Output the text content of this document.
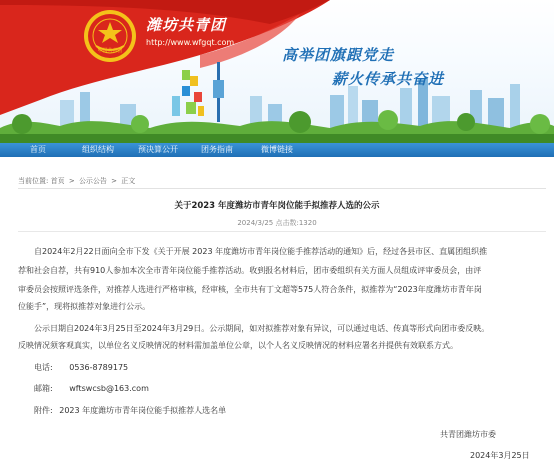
中国共青团
潍坊共青团
http://www.wfgqt.com
高举团旗跟党走
薪火传承共奋进
首页	组织结构	预决算公开	团务指南	微博链接
当前位置: 首页 > 公示公告 > 正文
关于2023 年度潍坊市青年岗位能手拟推荐人选的公示
2024/3/25 点击数:1320
自2024年2月22日面向全市下发《关于开展 2023 年度潍坊市青年岗位能手推荐活动的通知》后，经过各县市区、直属团组织推
荐和社会自荐，共有910人参加本次全市青年岗位能手推荐活动。收到报名材料后，团市委组织有关方面人员组成评审委员会，由评
审委员会按照评选条件，对推荐人选进行严格审核，经审核，全市共有丁文超等575人符合条件，拟推荐为“2023年度潍坊市青年岗
位能手”，现将拟推荐对象进行公示。
公示日期自2024年3月25日至2024年3月29日。公示期间，如对拟推荐对象有异议，可以通过电话、传真等形式向团市委反映。
反映情况须客观真实，以单位名义反映情况的材料需加盖单位公章，以个人名义反映情况的材料应署名并提供有效联系方式。
电话: 0536-8789175
邮箱: wftswcsb@163.com
附件: 2023 年度潍坊市青年岗位能手拟推荐人选名单
共青团潍坊市委
2024年3月25日
